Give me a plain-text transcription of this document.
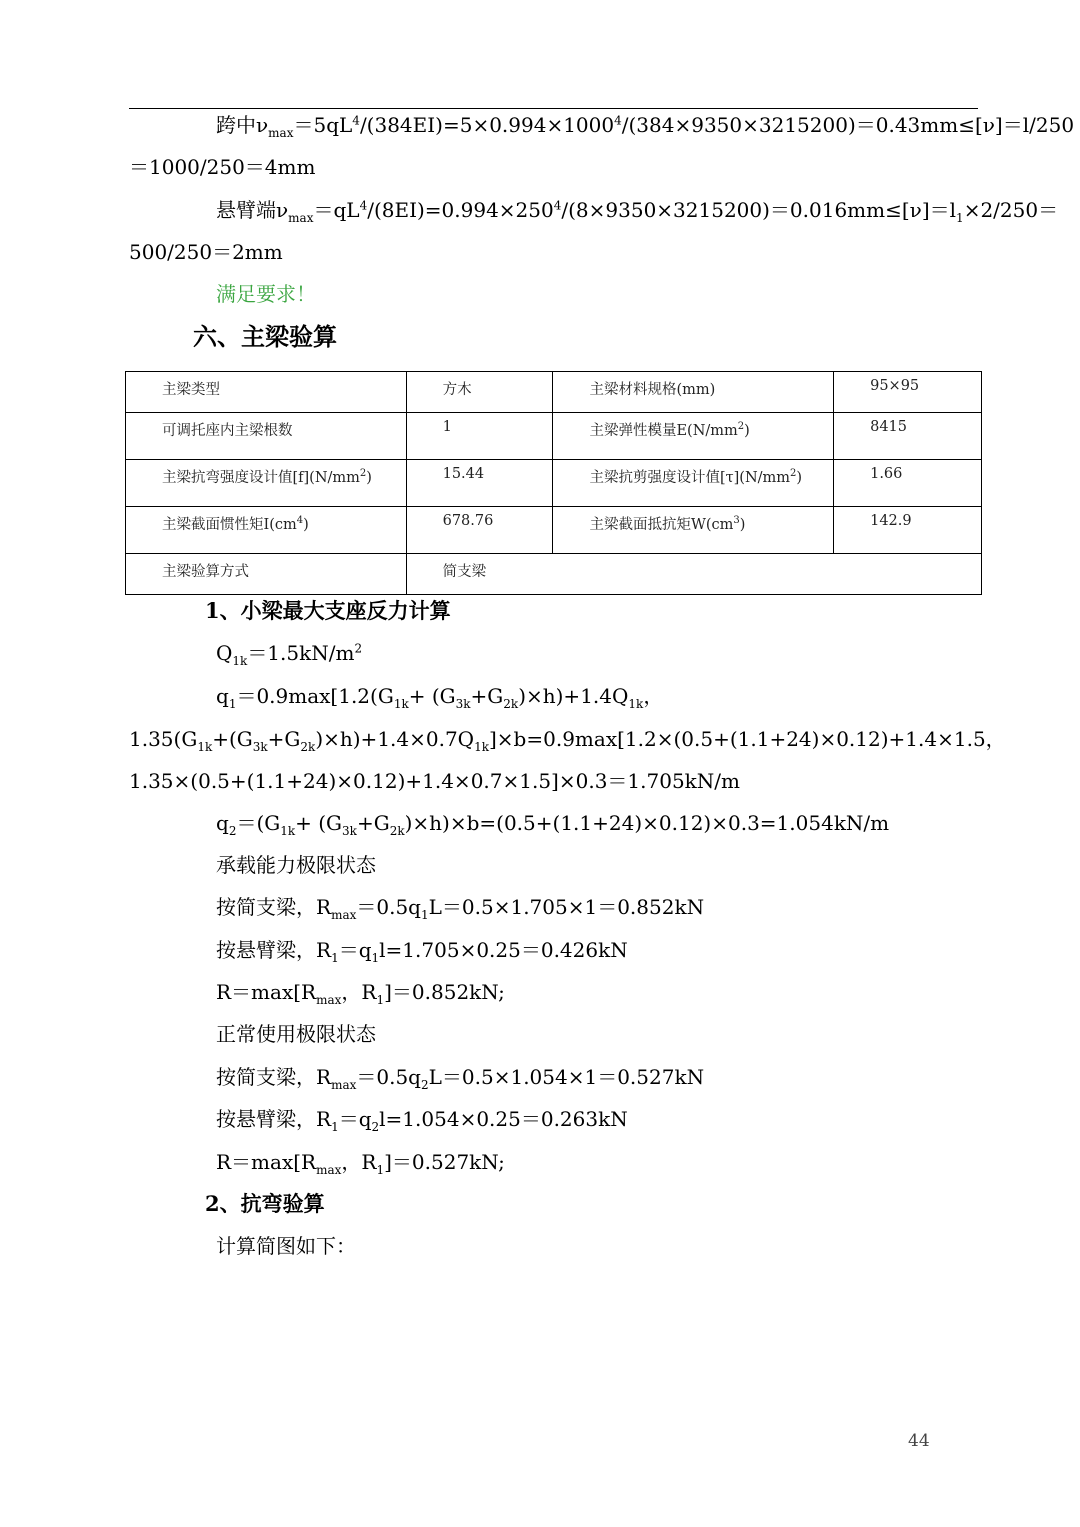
跨中$\nu_{max}=5qL^4/(384EI)=5\times 0.994\times 1000^4/(384\times 9350\times 3215200)=0.43mm\le[\nu]=l/250$
＝1000/250＝4mm
悬臂端$\nu_{max}=qL^4/(8EI)=0.994\times 250^4/(8\times 9350\times 3215200)=0.016mm\le[\nu]=l_1\times 2/250=$
500/250＝2mm
满足要求！
六、主梁验算
主梁类型	方木	主梁材料规格(mm)	95×95
可调托座内主梁根数	1	主梁弹性模量$E(N/mm^2)$	8415
主梁抗弯强度设计值$[f](N/mm^2)$	15.44	主梁抗剪强度设计值$[\tau](N/mm^2)$	1.66
主梁截面惯性矩$I(cm^4)$	678.76	主梁截面抵抗矩$W(cm^3)$	142.9
主梁验算方式	简支梁		
1、小梁最大支座反力计算
$Q_{1k}=1.5kN/m^2$
$q_1=0.9\max[1.2(G_{1k}+ (G_{3k}+G_{2k})\times h)+1.4Q_{1k}$，
$1.35(G_{1k}+(G_{3k}+G_{2k})\times h)+1.4\times 0.7Q_{1k}]\times b=0.9\max[1.2\times(0.5+(1.1+24)\times 0.12)+1.4\times 1.5$，
1.35×(0.5+(1.1+24)×0.12)+1.4×0.7×1.5]×0.3＝1.705kN/m
$q_2=(G_{1k}+ (G_{3k}+G_{2k})\times h)\times b=(0.5+(1.1+24)\times 0.12)\times 0.3=1.054kN/m$
承载能力极限状态
按简支梁，$R_{max}=0.5q_1L=0.5\times 1.705\times 1=0.852kN$
按悬臂梁，$R_1=q_1l=1.705\times 0.25=0.426kN$
$R=\max[R_{max}$，$R_1]=0.852kN$;
正常使用极限状态
按简支梁，$R_{max}=0.5q_2L=0.5\times 1.054\times 1=0.527kN$
按悬臂梁，$R_1=q_2l=1.054\times 0.25=0.263kN$
$R=\max[R_{max}$，$R_1]=0.527kN$;
2、抗弯验算
计算简图如下：
44
